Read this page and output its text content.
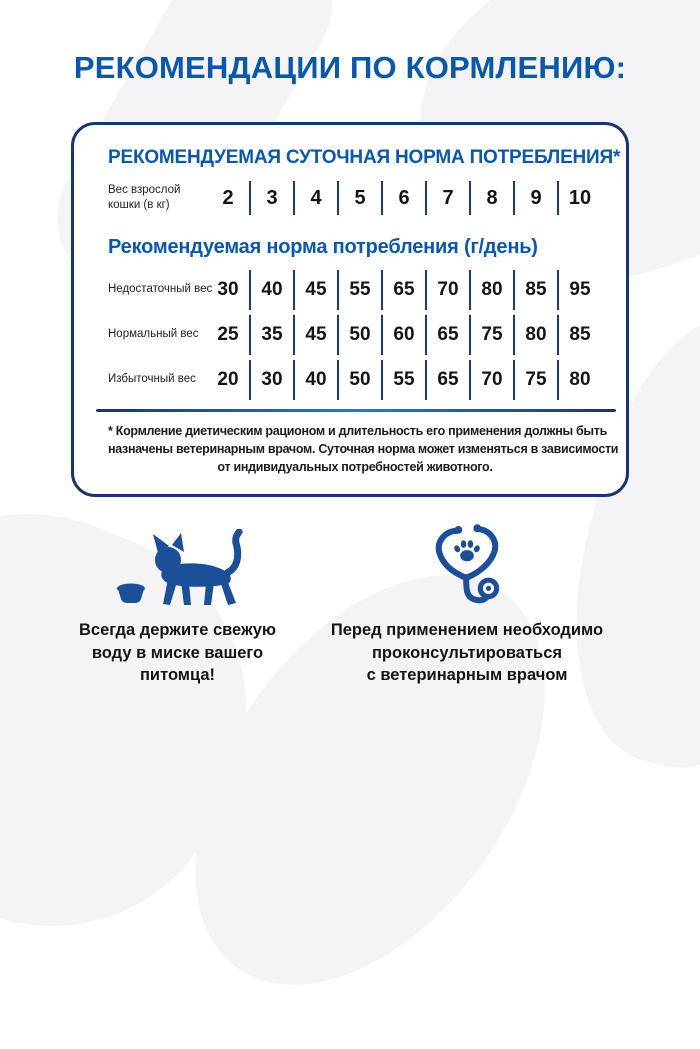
РЕКОМЕНДАЦИИ ПО КОРМЛЕНИЮ:
РЕКОМЕНДУЕМАЯ СУТОЧНАЯ НОРМА ПОТРЕБЛЕНИЯ*
Вес взрослой
кошки (в кг)	2	3	4	5	6	7	8	9	10
Рекомендуемая норма потребления (г/день)
Недостаточный вес 30	40	45	55	65	70	80	85	95
Нормальный вес 25	35	45	50	60	65	75	80	85
Избыточный вес	20	30	40	50	55	65	70	75	80
* Кормление диетическим рационом и длительность его применения должны быть
назначены ветеринарным врачом. Суточная норма может изменяться в зависимости
от индивидуальных потребностей животного.
Всегда держите свежую
воду в миске вашего
питомца!
Перед применением необходимо
проконсультироваться
с ветеринарным врачом
